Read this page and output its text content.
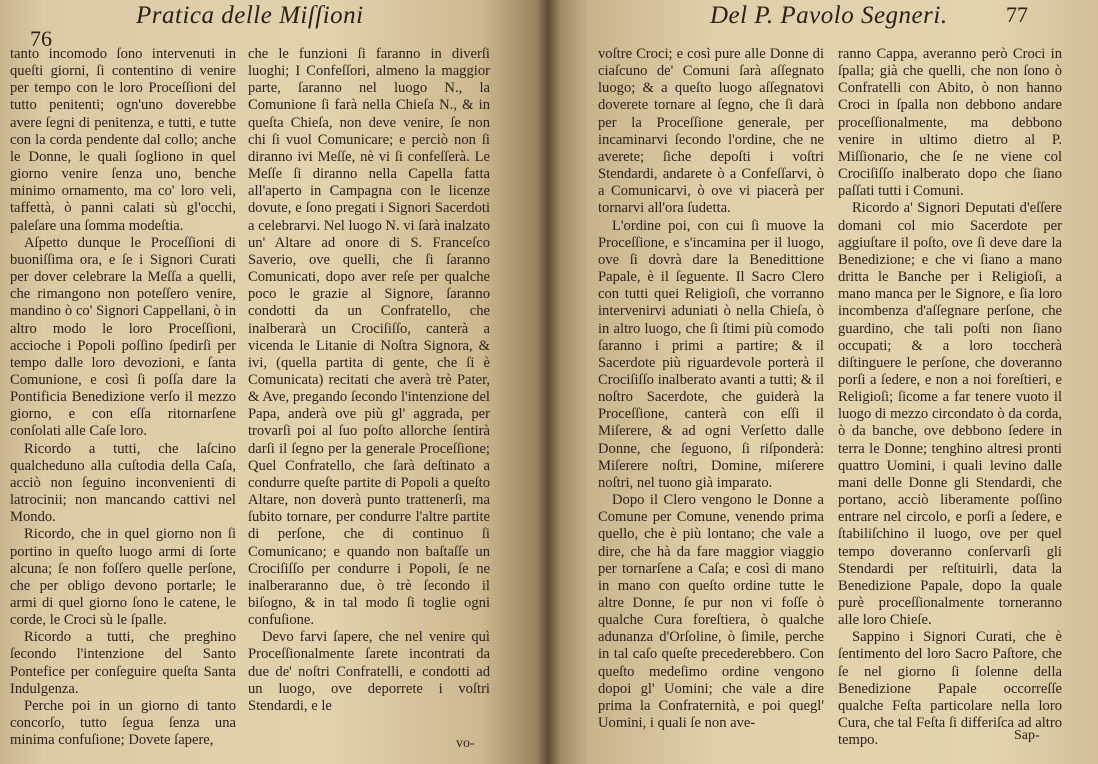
Pratica delle Miſſioni
76

tanto incomodo ſono intervenuti in queſti giorni, ſi contentino di venire per tempo con le loro Proceſſioni del tutto penitenti; ogn'uno doverebbe avere ſegni di penitenza, e tutti, e tutte con la corda pendente dal collo; anche le Donne, le quali ſogliono in quel giorno venire ſenza uno, benche minimo ornamento, ma co' loro veli, taffettà, ò panni calati sù gl'occhi, paleſare una ſomma modeſtia.

Aſpetto dunque le Proceſſioni di buoniſſima ora, e ſe i Signori Curati per dover celebrare la Meſſa a quelli, che rimangono non poteſſero venire, mandino ò co' Signori Cappellani, ò in altro modo le loro Proceſſioni, accioche i Popoli poſſino ſpedirſi per tempo dalle loro devozioni, e ſanta Comunione, e così ſi poſſa dare la Pontificia Benedizione verſo il mezzo giorno, e con eſſa ritornarſene conſolati alle Caſe loro.

Ricordo a tutti, che laſcino qualcheduno alla cuſtodia della Caſa, acciò non ſeguino inconvenienti di latrocinii; non mancando cattivi nel Mondo.

Ricordo, che in quel giorno non ſi portino in queſto luogo armi di ſorte alcuna; ſe non foſſero quelle perſone, che per obligo devono portarle; le armi di quel giorno ſono le catene, le corde, le Croci sù le ſpalle.

Ricordo a tutti, che preghino ſecondo l'intenzione del Santo Pontefice per conſeguire queſta Santa Indulgenza.

Perche poi in un giorno di tanto concorſo, tutto ſegua ſenza una minima confuſione; Dovete ſapere,

che le funzioni ſi faranno in diverſi luoghi; I Confeſſori, almeno la maggior parte, ſaranno nel luogo N., la Comunione ſi farà nella Chieſa N., & in queſta Chieſa, non deve venire, ſe non chi ſi vuol Comunicare; e perciò non ſi diranno ivi Meſſe, nè vi ſi confeſſerà. Le Meſſe ſi diranno nella Capella fatta all'aperto in Campagna con le licenze dovute, e ſono pregati i Signori Sacerdoti a celebrarvi. Nel luogo N. vi ſarà inalzato un' Altare ad onore di S. Franceſco Saverio, ove quelli, che ſi ſaranno Comunicati, dopo aver reſe per qualche poco le grazie al Signore, ſaranno condotti da un Confratello, che inalberarà un Crociſiſſo, canterà a vicenda le Litanie di Noſtra Signora, & ivi, (quella partita di gente, che ſi è Comunicata) recitati che averà trè Pater, & Ave, pregando ſecondo l'intenzione del Papa, anderà ove più gl' aggrada, per trovarſi poi al ſuo poſto allorche ſentirà darſi il ſegno per la generale Proceſſione; Quel Confratello, che ſarà deſtinato a condurre queſte partite di Popoli a queſto Altare, non doverà punto trattenerſi, ma ſubito tornare, per condurre l'altre partite di perſone, che di continuo ſi Comunicano; e quando non baſtaſſe un Crociſiſſo per condurre i Popoli, ſe ne inalberaranno due, ò trè ſecondo il biſogno, & in tal modo ſi toglie ogni confuſione.

Devo farvi ſapere, che nel venire quì Proceſſionalmente ſarete incontrati da due de' noſtri Confratelli, e condotti ad un luogo, ove deporrete i voſtri Stendardi, e le

vo-
Del P. Pavolo Segneri.	77

voſtre Croci; e così pure alle Donne di ciaſcuno de' Comuni ſarà aſſegnato luogo; & a queſto luogo aſſegnatovi doverete tornare al ſegno, che ſi darà per la Proceſſione generale, per incaminarvi ſecondo l'ordine, che ne averete; ſiche depoſti i voſtri Stendardi, andarete ò a Confeſſarvi, ò a Comunicarvi, ò ove vi piacerà per tornarvi all'ora ſudetta.

L'ordine poi, con cui ſi muove la Proceſſione, e s'incamina per il luogo, ove ſi dovrà dare la Benedittione Papale, è il ſeguente. Il Sacro Clero con tutti quei Religioſi, che vorranno intervenirvi aduniati ò nella Chieſa, ò in altro luogo, che ſi ſtimi più comodo ſaranno i primi a partire; & il Sacerdote più riguardevole porterà il Crociſiſſo inalberato avanti a tutti; & il noſtro Sacerdote, che guiderà la Proceſſione, canterà con eſſi il Miſerere, & ad ogni Verſetto dalle Donne, che ſeguono, ſi riſponderà: Miſerere noſtri, Domine, miſerere noſtri, nel tuono già imparato.

Dopo il Clero vengono le Donne a Comune per Comune, venendo prima quello, che è più lontano; che vale a dire, che hà da fare maggior viaggio per tornarſene a Caſa; e così di mano in mano con queſto ordine tutte le altre Donne, ſe pur non vi foſſe ò qualche Cura foreſtiera, ò qualche adunanza d'Orſoline, ò ſimile, perche in tal caſo queſte precederebbero. Con queſto medeſimo ordine vengono dopoi gl' Uomini; che vale a dire prima la Confraternità, e poi quegl' Uomini, i quali ſe non ave-

ranno Cappa, averanno però Croci in ſpalla; già che quelli, che non ſono ò Confratelli con Abito, ò non hanno Croci in ſpalla non debbono andare proceſſionalmente, ma debbono venire in ultimo dietro al P. Miſſionario, che ſe ne viene col Crociſiſſo inalberato dopo che ſiano paſſati tutti i Comuni.

Ricordo a' Signori Deputati d'eſſere domani col mio Sacerdote per aggiuſtare il poſto, ove ſi deve dare la Benedizione; e che vi ſiano a mano dritta le Banche per i Religioſi, a mano manca per le Signore, e ſia loro incombenza d'aſſegnare perſone, che guardino, che tali poſti non ſiano occupati; & a loro toccherà diſtinguere le perſone, che doveranno porſi a ſedere, e non a noi foreſtieri, e Religioſi; ſicome a far tenere vuoto il luogo di mezzo circondato ò da corda, ò da banche, ove debbono ſedere in terra le Donne; tenghino altresi pronti quattro Uomini, i quali levino dalle mani delle Donne gli Stendardi, che portano, acciò liberamente poſſino entrare nel circolo, e porſi a ſedere, e ſtabiliſchino il luogo, ove per quel tempo doveranno conſervarſi gli Stendardi per reſtituirli, data la Benedizione Papale, dopo la quale purè proceſſionalmente torneranno alle loro Chieſe.

Sappino i Signori Curati, che è ſentimento del loro Sacro Paſtore, che ſe nel giorno ſi ſolenne della Benedizione Papale occorreſſe qualche Feſta particolare nella loro Cura, che tal Feſta ſi differiſca ad altro tempo.	Sap-
